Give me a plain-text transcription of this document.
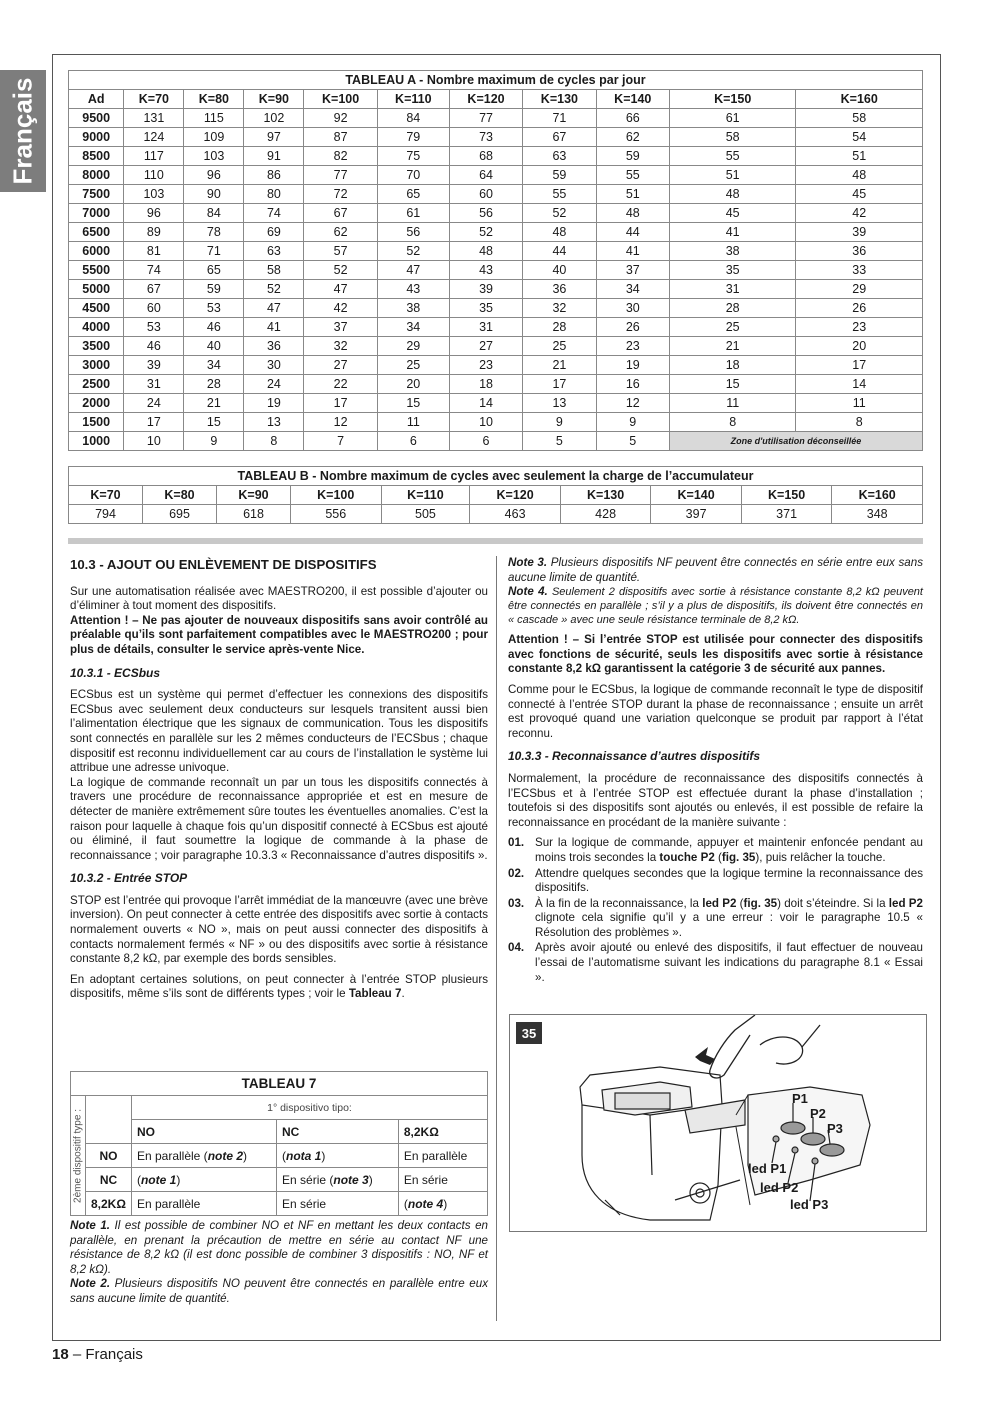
Français	TABLEAU A - Nombre maximum de cycles par jour										
Ad	K=70	K=80	K=90	K=100	K=110	K=120	K=130	K=140	K=150	K=160
9500	131	115	102	92	84	77	71	66	61	58
9000	124	109	97	87	79	73	67	62	58	54
8500	117	103	91	82	75	68	63	59	55	51
8000	110	96	86	77	70	64	59	55	51	48
7500	103	90	80	72	65	60	55	51	48	45
7000	96	84	74	67	61	56	52	48	45	42
6500	89	78	69	62	56	52	48	44	41	39
6000	81	71	63	57	52	48	44	41	38	36
5500	74	65	58	52	47	43	40	37	35	33
5000	67	59	52	47	43	39	36	34	31	29
4500	60	53	47	42	38	35	32	30	28	26
4000	53	46	41	37	34	31	28	26	25	23
3500	46	40	36	32	29	27	25	23	21	20
3000	39	34	30	27	25	23	21	19	18	17
2500	31	28	24	22	20	18	17	16	15	14
2000	24	21	19	17	15	14	13	12	11	11
1500	17	15	13	12	11	10	9	9	8	8
1000	10	9	8	7	6	6	5	5	Zone d'utilisation déconseillée	
TABLEAU B - Nombre maximum de cycles avec seulement la charge de l’accumulateur									
K=70	K=80	K=90	K=100	K=110	K=120	K=130	K=140	K=150	K=160
794	695	618	556	505	463	428	397	371	348
10.3 - AJOUT OU ENLÈVEMENT DE DISPOSITIFS

Sur une automatisation réalisée avec MAESTRO200, il est possible d’ajouter ou d’éliminer à tout moment des dispositifs.

Attention ! – Ne pas ajouter de nouveaux dispositifs sans avoir contrôlé au préalable qu’ils sont parfaitement compatibles avec le MAESTRO200 ; pour plus de détails, consulter le service après-vente Nice.

10.3.1 - ECSbus

ECSbus est un système qui permet d’effectuer les connexions des dispositifs ECSbus avec seulement deux conducteurs sur lesquels transitent aussi bien l’alimentation électrique que les signaux de communication. Tous les dispositifs sont connectés en parallèle sur les 2 mêmes conducteurs de l’ECSbus ; chaque dispositif est reconnu individuellement car au cours de l’installation le système lui attribue une adresse univoque.

La logique de commande reconnaît un par un tous les dispositifs connectés à travers une procédure de reconnaissance appropriée et est en mesure de détecter de manière extrêmement sûre toutes les éventuelles anomalies. C’est la raison pour laquelle à chaque fois qu’un dispositif connecté à ECSbus est ajouté ou éliminé, il faut soumettre la logique de commande à la phase de reconnaissance ; voir paragraphe 10.3.3 « Reconnaissance d’autres dispositifs ».

10.3.2 - Entrée STOP

STOP est l’entrée qui provoque l’arrêt immédiat de la manœuvre (avec une brève inversion). On peut connecter à cette entrée des dispositifs avec sortie à contacts normalement ouverts « NO », mais on peut aussi connecter des dispositifs à contacts normalement fermés « NF » ou des dispositifs avec sortie à résistance constante 8,2 kΩ, par exemple des bords sensibles.

En adoptant certaines solutions, on peut connecter à l’entrée STOP plusieurs dispositifs, même s’ils sont de différents types ; voir le Tableau 7.

TABLEAU 7				

2ème dispositif type :		1° dispositivo tipo:		
		NO	NC	8,2KΩ
	NO	En parallèle (note 2)	(nota 1)	En parallèle
	NC	(note 1)	En série (note 3)	En série
	8,2KΩ	En parallèle	En série	(note 4)

Note 1. Il est possible de combiner NO et NF en mettant les deux contacts en parallèle, en prenant la précaution de mettre en série au contact NF une résistance de 8,2 kΩ (il est donc possible de combiner 3 dispositifs : NO, NF et 8,2 kΩ).

Note 2. Plusieurs dispositifs NO peuvent être connectés en parallèle entre eux sans aucune limite de quantité.

Note 3. Plusieurs dispositifs NF peuvent être connectés en série entre eux sans aucune limite de quantité.

Note 4. Seulement 2 dispositifs avec sortie à résistance constante 8,2 kΩ peuvent être connectés en parallèle ; s’il y a plus de dispositifs, ils doivent être connectés en « cascade » avec une seule résistance terminale de 8,2 kΩ.

Attention ! – Si l’entrée STOP est utilisée pour connecter des dispositifs avec fonctions de sécurité, seuls les dispositifs avec sortie à résistance constante 8,2 kΩ garantissent la catégorie 3 de sécurité aux pannes.

Comme pour le ECSbus, la logique de commande reconnaît le type de dispositif connecté à l’entrée STOP durant la phase de reconnaissance ; ensuite un arrêt est provoqué quand une variation quelconque se produit par rapport à l’état reconnu.

10.3.3 - Reconnaissance d’autres dispositifs

Normalement, la procédure de reconnaissance des dispositifs connectés à l’ECSbus et à l’entrée STOP est effectuée durant la phase d’installation ; toutefois si des dispositifs sont ajoutés ou enlevés, il est possible de refaire la reconnaissance en procédant de la manière suivante :

01. Sur la logique de commande, appuyer et maintenir enfoncée pendant au moins trois secondes la touche P2 (fig. 35), puis relâcher la touche.
02. Attendre quelques secondes que la logique termine la reconnaissance des dispositifs.
03. À la fin de la reconnaissance, la led P2 (fig. 35) doit s’éteindre. Si la led P2 clignote cela signifie qu’il y a une erreur : voir le paragraphe 10.5 « Résolution des problèmes ».
04. Après avoir ajouté ou enlevé des dispositifs, il faut effectuer de nouveau l’essai de l’automatisme suivant les indications du paragraphe 8.1 « Essai ».
35
P1
P2
P3
led P1
led P2
led P3
18 – Français
